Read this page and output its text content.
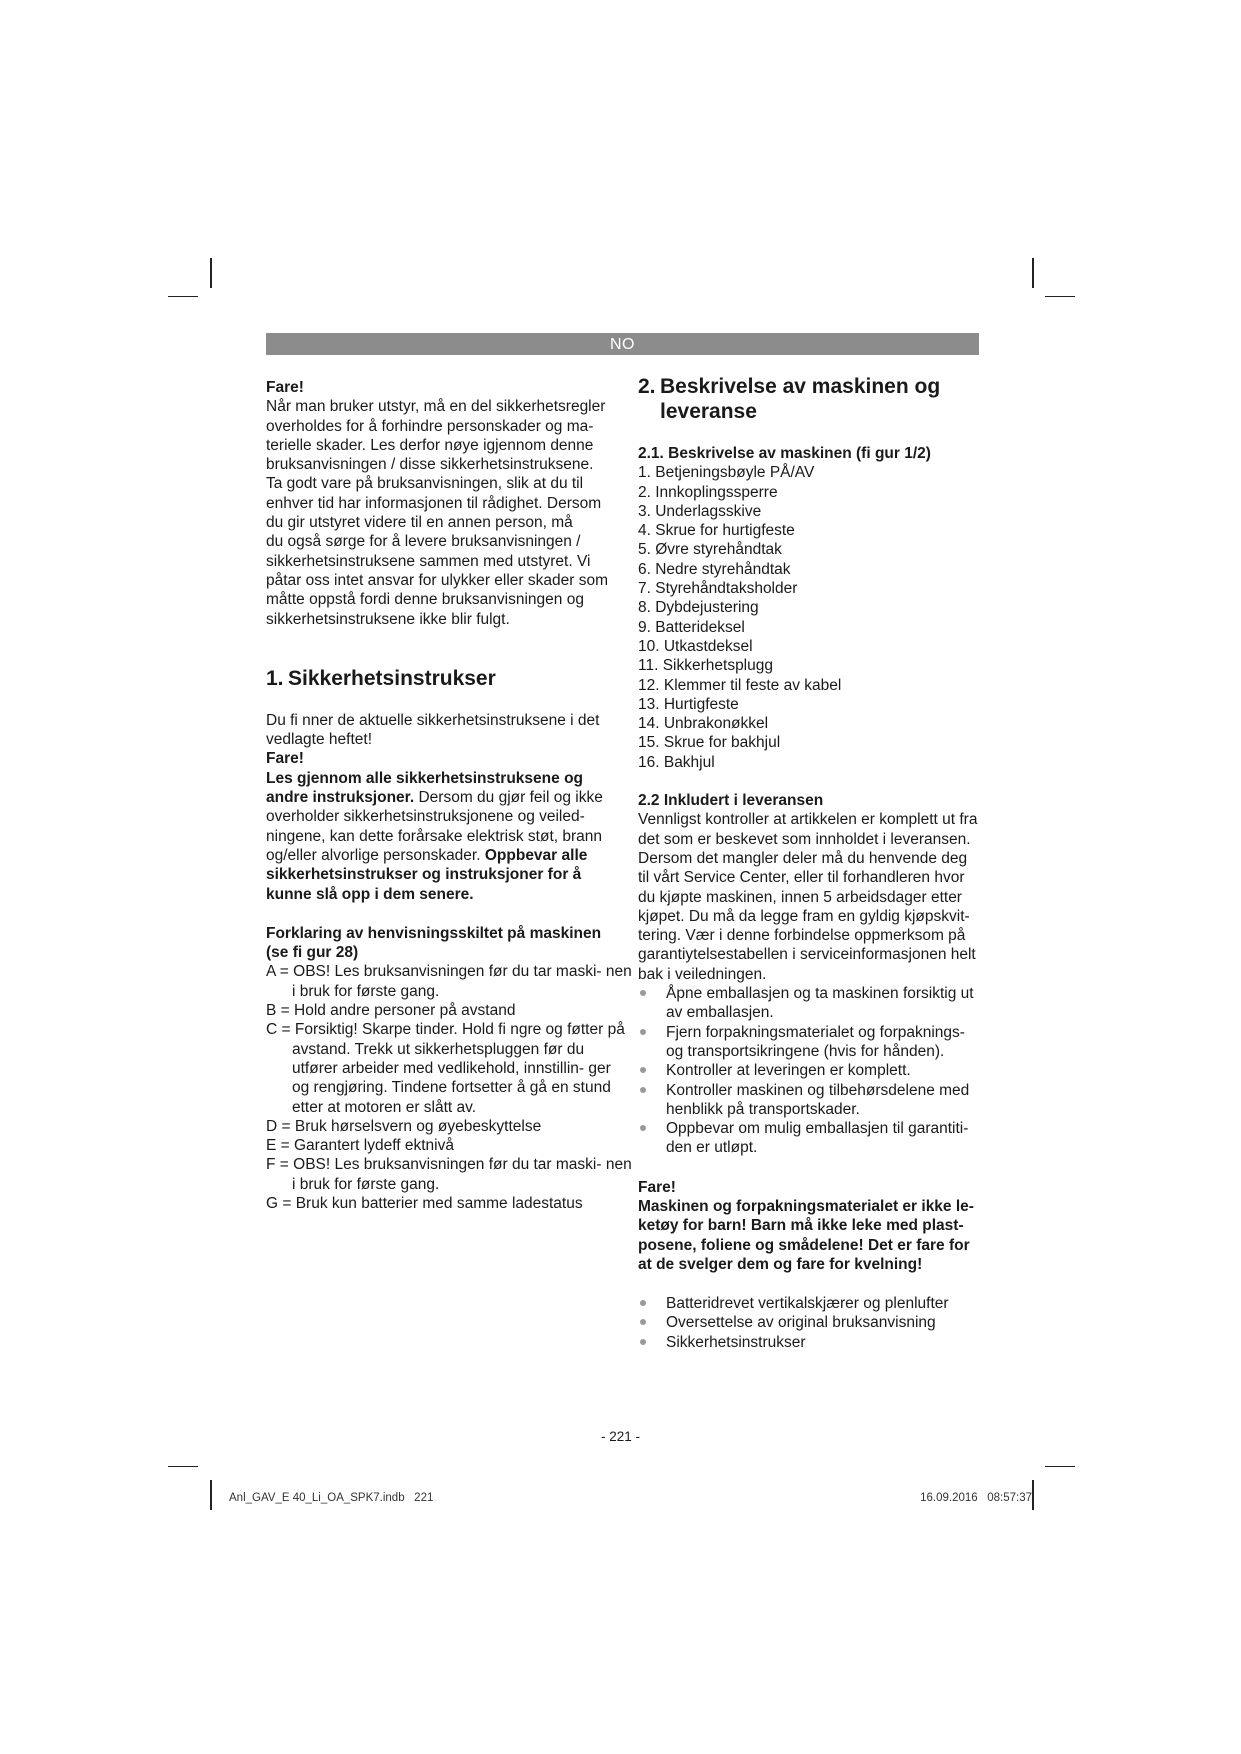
NO

Fare!

Når man bruker utstyr, må en del sikkerhetsregler
overholdes for å forhindre personskader og ma-
terielle skader. Les derfor nøye igjennom denne
bruksanvisningen / disse sikkerhetsinstruksene.
Ta godt vare på bruksanvisningen, slik at du til
enhver tid har informasjonen til rådighet. Dersom
du gir utstyret videre til en annen person, må
du også sørge for å levere bruksanvisningen /
sikkerhetsinstruksene sammen med utstyret. Vi
påtar oss intet ansvar for ulykker eller skader som
måtte oppstå fordi denne bruksanvisningen og
sikkerhetsinstruksene ikke blir fulgt.
1. Sikkerhetsinstrukser
Du fi nner de aktuelle sikkerhetsinstruksene i det
vedlagte heftet!
Fare!
Les gjennom alle sikkerhetsinstruksene og
andre instruksjoner. Dersom du gjør feil og ikke
overholder sikkerhetsinstruksjonene og veiled-
ningene, kan dette forårsake elektrisk støt, brann
og/eller alvorlige personskader. Oppbevar alle
sikkerhetsinstrukser og instruksjoner for å
kunne slå opp i dem senere.
Forklaring av henvisningsskiltet på maskinen
(se fi gur 28)
A = OBS! Les bruksanvisningen før du tar maski- nen i bruk for første gang.
B = Hold andre personer på avstand
C = Forsiktig! Skarpe tinder. Hold fi ngre og føtter på avstand. Trekk ut sikkerhetspluggen før du utfører arbeider med vedlikehold, innstillin- ger og rengjøring. Tindene fortsetter å gå en stund etter at motoren er slått av.
D = Bruk hørselsvern og øyebeskyttelse
E = Garantert lydeff ektnivå
F = OBS! Les bruksanvisningen før du tar maski- nen i bruk for første gang.
G = Bruk kun batterier med samme ladestatus
2. Beskrivelse av maskinen og
leveranse
2.1. Beskrivelse av maskinen (fi gur 1/2)
1. Betjeningsbøyle PÅ/AV
2. Innkoplingssperre
3. Underlagsskive
4. Skrue for hurtigfeste
5. Øvre styrehåndtak
6. Nedre styrehåndtak
7. Styrehåndtaksholder
8. Dybdejustering
9. Batterideksel
10. Utkastdeksel
11. Sikkerhetsplugg
12. Klemmer til feste av kabel
13. Hurtigfeste
14. Unbrakonøkkel
15. Skrue for bakhjul
16. Bakhjul
2.2 Inkludert i leveransen
Vennligst kontroller at artikkelen er komplett ut fra
det som er beskevet som innholdet i leveransen.
Dersom det mangler deler må du henvende deg
til vårt Service Center, eller til forhandleren hvor
du kjøpte maskinen, innen 5 arbeidsdager etter
kjøpet. Du må da legge fram en gyldig kjøpskvit-
tering. Vær i denne forbindelse oppmerksom på
garantiytelsestabellen i serviceinformasjonen helt
bak i veiledningen.
Åpne emballasjen og ta maskinen forsiktig ut
av emballasjen.
Fjern forpakningsmaterialet og forpaknings-
og transportsikringene (hvis for hånden).
Kontroller at leveringen er komplett.
Kontroller maskinen og tilbehørsdelene med
henblikk på transportskader.
Oppbevar om mulig emballasjen til garantiti-
den er utløpt.
Fare!
Maskinen og forpakningsmaterialet er ikke le-
ketøy for barn! Barn må ikke leke med plast-
posene, foliene og smådelene! Det er fare for
at de svelger dem og fare for kvelning!
Batteridrevet vertikalskjærer og plenlufter
Oversettelse av original bruksanvisning
Sikkerhetsinstrukser
- 221 -
Anl_GAV_E 40_Li_OA_SPK7.indb   221	16.09.2016   08:57:37
